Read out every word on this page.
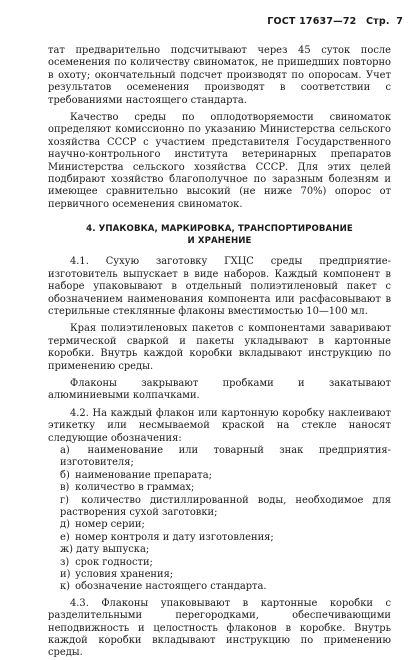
ГОСТ 17637—72 Стр. 7

тат предварительно подсчитывают через 45 суток после осеменения по количеству свиноматок, не пришедших повторно в охоту; окончательный подсчет производят по опоросам. Учет результатов осеменения производят в соответствии с требованиями настоящего стандарта.

Качество среды по оплодотворяемости свиноматок определяют комиссионно по указанию Министерства сельского хозяйства СССР с участием представителя Государственного научно-контрольного института ветеринарных препаратов Министерства сельского хозяйства СССР. Для этих целей подбирают хозяйство благополучное по заразным болезням и имеющее сравнительно высокий (не ниже 70%) опорос от первичного осеменения свиноматок.

4. УПАКОВКА, МАРКИРОВКА, ТРАНСПОРТИРОВАНИЕ
И ХРАНЕНИЕ

4.1. Сухую заготовку ГХЦС среды предприятие-изготовитель выпускает в виде наборов. Каждый компонент в наборе упаковывают в отдельный полиэтиленовый пакет с обозначением наименования компонента или расфасовывают в стерильные стеклянные флаконы вместимостью 10—100 мл.

Края полиэтиленовых пакетов с компонентами заваривают термической сваркой и пакеты укладывают в картонные коробки. Внутрь каждой коробки вкладывают инструкцию по применению среды.

Флаконы закрывают пробками и закатывают алюминиевыми колпачками.

4.2. На каждый флакон или картонную коробку наклеивают этикетку или несмываемой краской на стекле наносят следующие обозначения:

а) наименование или товарный знак предприятия-изготовителя;
б) наименование препарата;
в) количество в граммах;
г) количество дистиллированной воды, необходимое для растворения сухой заготовки;
д) номер серии;
е) номер контроля и дату изготовления;
ж) дату выпуска;
з) срок годности;
и) условия хранения;
к) обозначение настоящего стандарта.

4.3. Флаконы упаковывают в картонные коробки с разделительными перегородками, обеспечивающими неподвижность и целостность флаконов в коробке. Внутрь каждой коробки вкладывают инструкцию по применению среды.
